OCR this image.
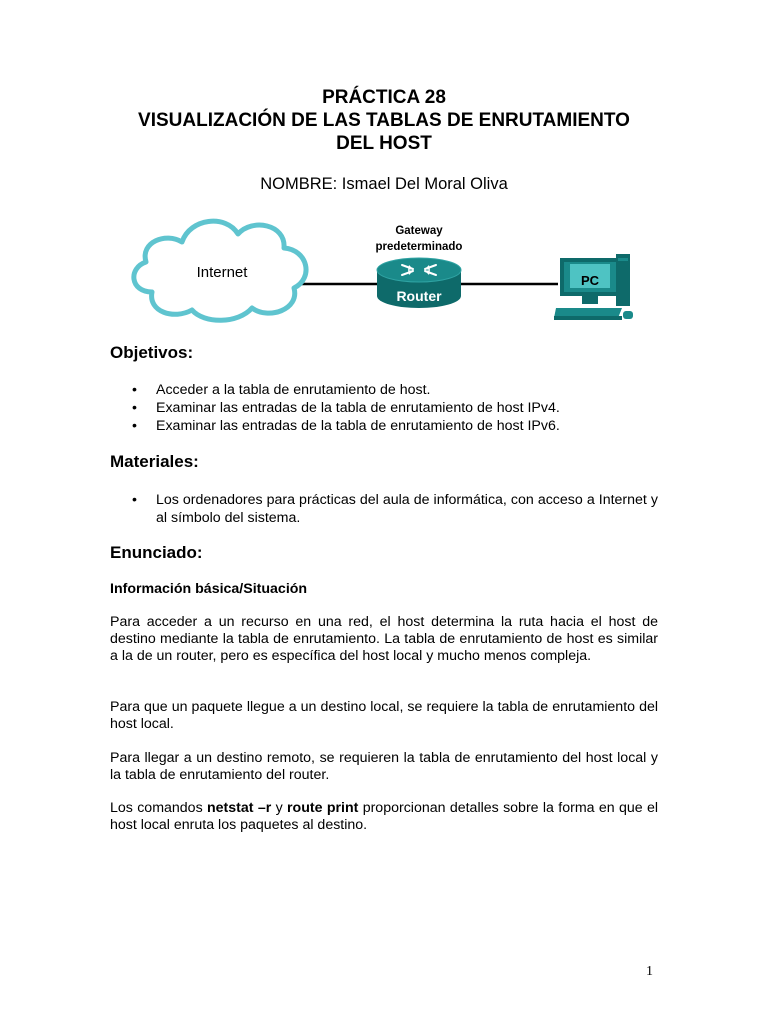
PRÁCTICA 28
VISUALIZACIÓN DE LAS TABLAS DE ENRUTAMIENTO
DEL HOST
NOMBRE: Ismael Del Moral Oliva
Internet
Gateway
predeterminado
Router
PC
Objetivos:
• Acceder a la tabla de enrutamiento de host.
• Examinar las entradas de la tabla de enrutamiento de host IPv4.
• Examinar las entradas de la tabla de enrutamiento de host IPv6.
Materiales:
• Los ordenadores para prácticas del aula de informática, con acceso a Internet y al símbolo del sistema.
Enunciado:
Información básica/Situación

Para acceder a un recurso en una red, el host determina la ruta hacia el host de destino mediante la tabla de enrutamiento. La tabla de enrutamiento de host es similar a la de un router, pero es específica del host local y mucho menos compleja.

Para que un paquete llegue a un destino local, se requiere la tabla de enrutamiento del host local.

Para llegar a un destino remoto, se requieren la tabla de enrutamiento del host local y la tabla de enrutamiento del router.

Los comandos netstat –r y route print proporcionan detalles sobre la forma en que el host local enruta los paquetes al destino.

1
